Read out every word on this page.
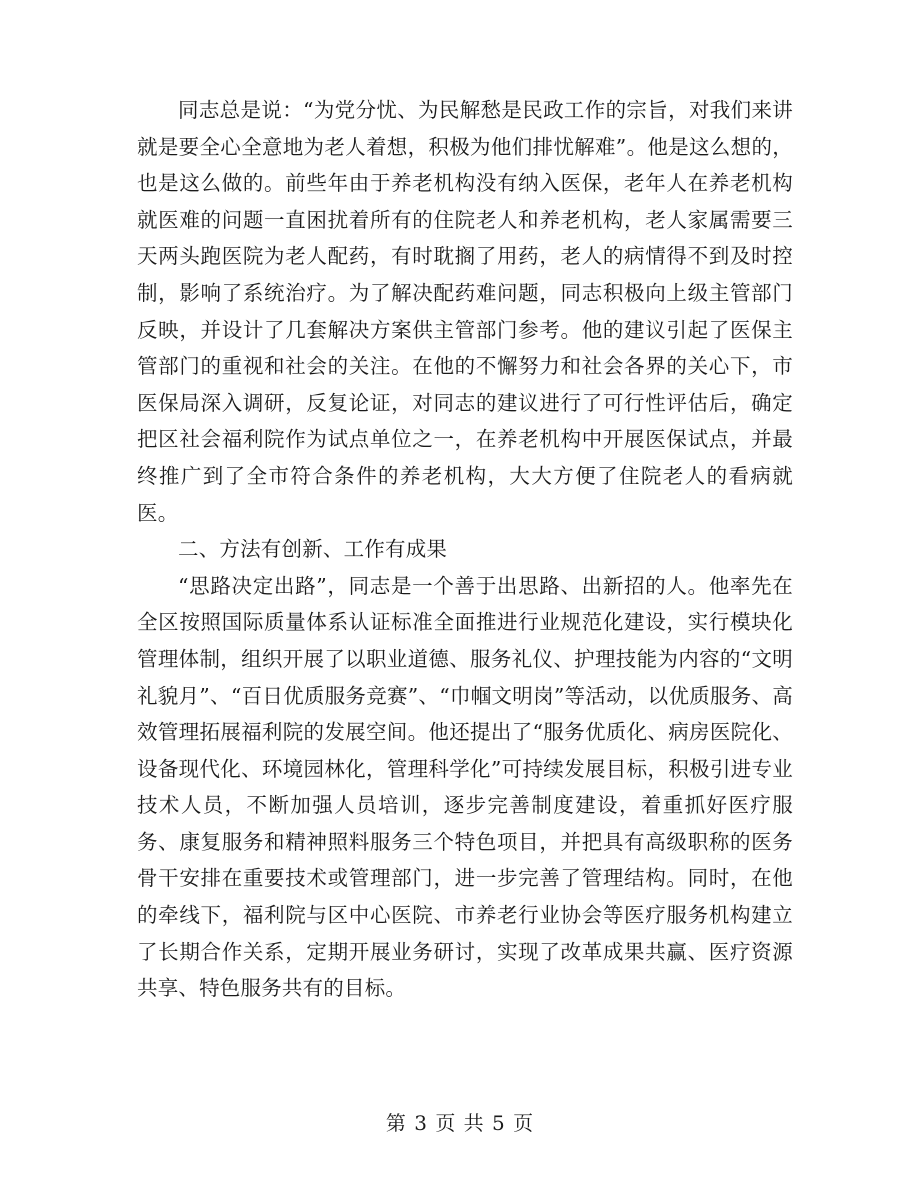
同志总是说：“为党分忧、为民解愁是民政工作的宗旨，对我们来讲就是要全心全意地为老人着想，积极为他们排忧解难”。他是这么想的，也是这么做的。前些年由于养老机构没有纳入医保，老年人在养老机构就医难的问题一直困扰着所有的住院老人和养老机构，老人家属需要三天两头跑医院为老人配药，有时耽搁了用药，老人的病情得不到及时控制，影响了系统治疗。为了解决配药难问题，同志积极向上级主管部门反映，并设计了几套解决方案供主管部门参考。他的建议引起了医保主管部门的重视和社会的关注。在他的不懈努力和社会各界的关心下，市医保局深入调研，反复论证，对同志的建议进行了可行性评估后，确定把区社会福利院作为试点单位之一，在养老机构中开展医保试点，并最终推广到了全市符合条件的养老机构，大大方便了住院老人的看病就医。

二、方法有创新、工作有成果

“思路决定出路”，同志是一个善于出思路、出新招的人。他率先在全区按照国际质量体系认证标准全面推进行业规范化建设，实行模块化管理体制，组织开展了以职业道德、服务礼仪、护理技能为内容的“文明礼貌月”、“百日优质服务竞赛”、“巾帼文明岗”等活动，以优质服务、高效管理拓展福利院的发展空间。他还提出了“服务优质化、病房医院化、设备现代化、环境园林化，管理科学化”可持续发展目标，积极引进专业技术人员，不断加强人员培训，逐步完善制度建设，着重抓好医疗服务、康复服务和精神照料服务三个特色项目，并把具有高级职称的医务骨干安排在重要技术或管理部门，进一步完善了管理结构。同时，在他的牵线下，福利院与区中心医院、市养老行业协会等医疗服务机构建立了长期合作关系，定期开展业务研讨，实现了改革成果共赢、医疗资源共享、特色服务共有的目标。

第 3 页 共 5 页
